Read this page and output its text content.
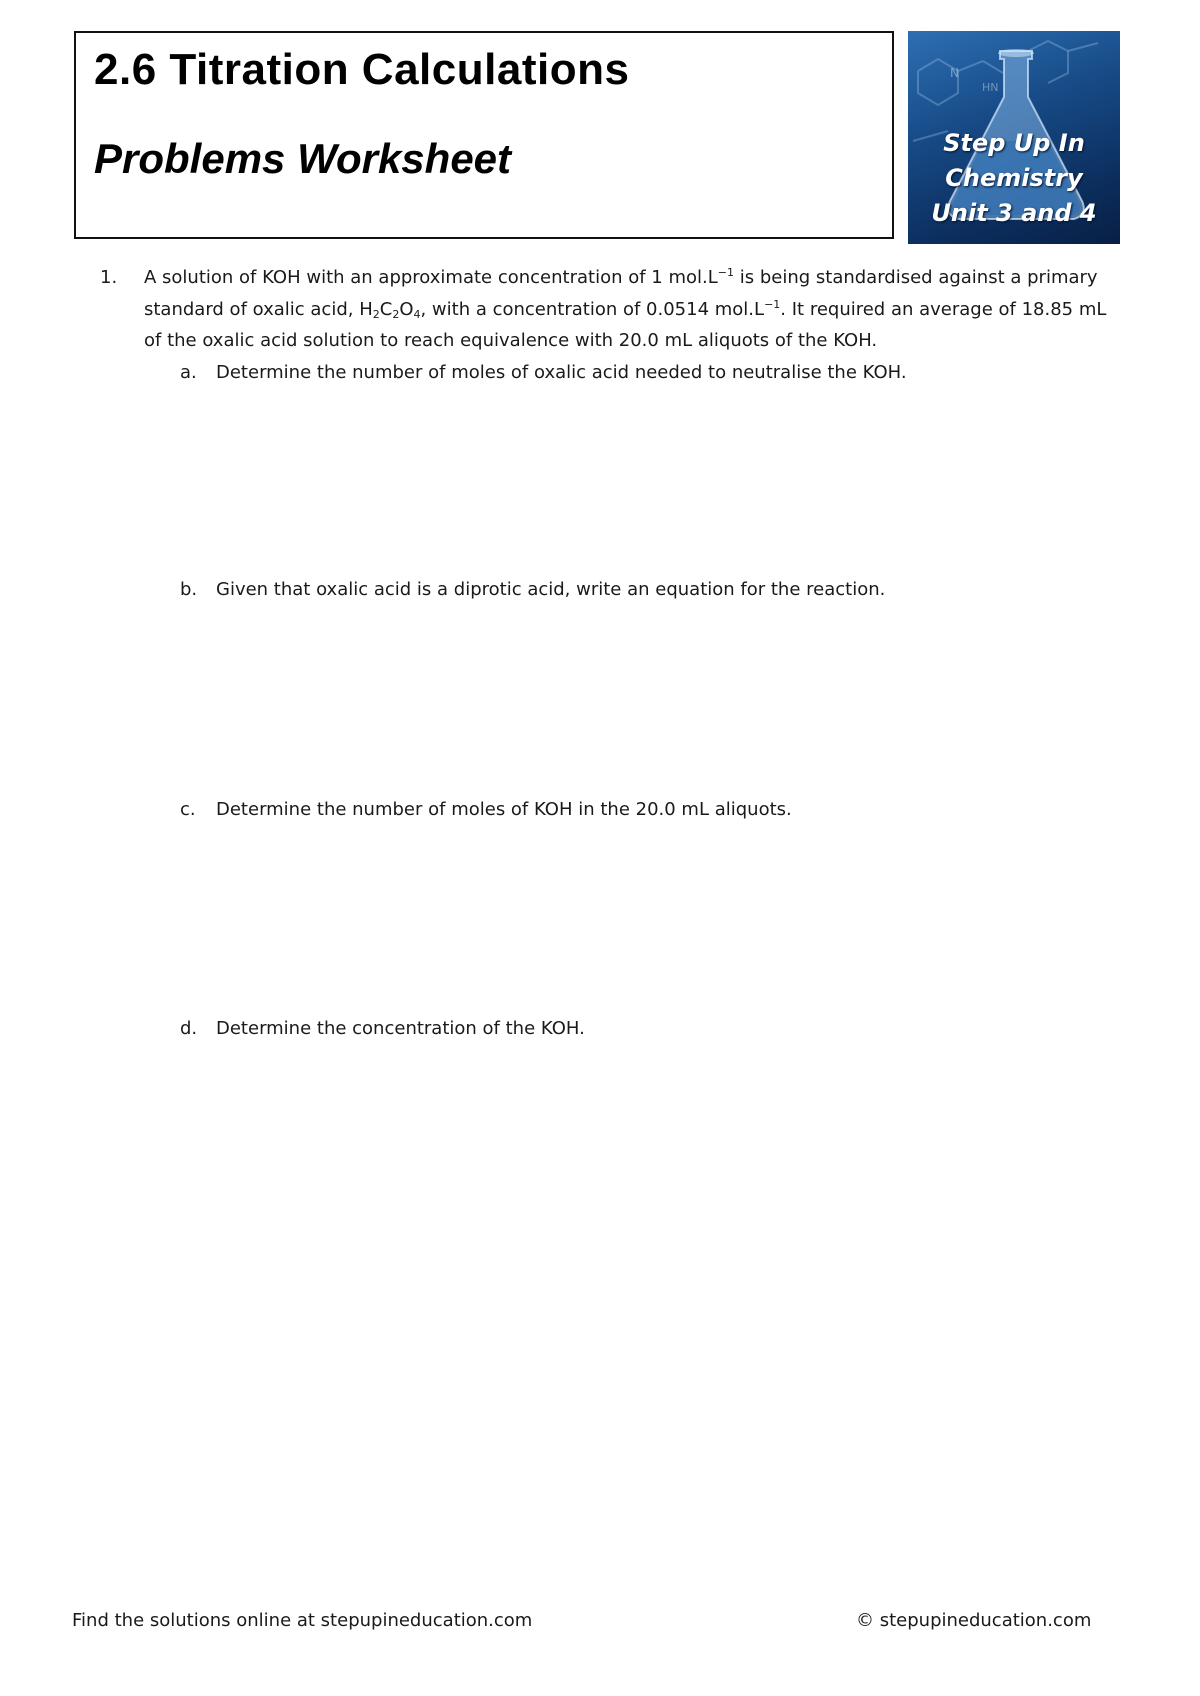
2.6 Titration Calculations
Problems Worksheet
N
HN
Step Up In
Chemistry
Unit 3 and 4
1.	A solution of KOH with an approximate concentration of 1 $mol.L^{-1}$ is being standardised against a primary standard of oxalic acid, $H_2C_2O_4$, with a concentration of 0.0514 $mol.L^{-1}$. It required an average of 18.85 mL of the oxalic acid solution to reach equivalence with 20.0 mL aliquots of the KOH.
a.	Determine the number of moles of oxalic acid needed to neutralise the KOH.
b.	Given that oxalic acid is a diprotic acid, write an equation for the reaction.
c.	Determine the number of moles of KOH in the 20.0 mL aliquots.
d.	Determine the concentration of the KOH.
Find the solutions online at stepupineducation.com	© stepupineducation.com
